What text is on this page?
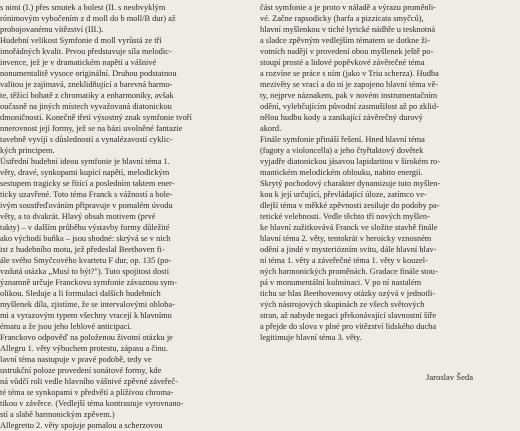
s nimi (I.) přes smutek a bolest (II. s neobvyklým
rónimovým vybočením z d moll do b moll/B dur) až
probojovanému vítězství (III.).
Hudební velikost Symfonie d moll vyrůstá ze tří
imořádných kvalit. Prvou představuje síla melodic-
invence, jež je v dramatickém napětí a vášnivé
nonumentalitě vysoce originální. Druhou podstatnou
valitou je zajímavá, zneklidňující a barevná harmo-
te, těžící bohatě z chromatiky a enharmoniky, avšak
oučasně na jiných místech vyvažovaná diatonickou
dmoničností. Konečně třetí výsostný znak symfonie tvoří
nnerovnost její formy, jež se na bázi uvolněné fantazie
tavebně vyvíjí s důsledností a vynalézavostí cyklic-
kých principem.
Ústřední hudební ideou symfonie je hlavní téma 1.
věty, dravé, synkopami kupící napětí, melodickým
sestupem tragicky se řítící a posledním taktem ener-
ticky uzavřené. Toto téma Franck s vážností a bole-
ivým soustřeďováním připravuje v pomalém úvodu
věty, a to dvakrát. Hlavý obsah motivem (prvé
takty) – v dalším průběhu výstavby formy důležité
ako východí buňka – jsou shodné: skrývá se v nich
ist z hudebního motu, jež předeslal Beethoven fi-
ále svého Smyčcového kvartetu F dur, op. 135 (po-
vzdutá otázka „Musí to být?"). Tuto spojitost dosti
ýznamně určuje Franckovu symfonie závaznou sym-
olikou. Sleduje a li formulaci dalších hudebních
myšlenek díla, zjistíme, že se intervalovými obloba-
mi a vyrazovým typem všechny vracejí k hlavnímu
ématu a že jsou jeho lehlové anticipaci.
Franckovo odpověď na položenou životní otázku je
Allegru 1. věty výbuchem protestu, zápasu a činu.
lavní téma nastupuje v pravé podobě, tedy ve
ustrukční poloze provedení sonátové formy, kde
ná vůdčí roli vedle hlavního vášnivé zpěvné záveřeč-
té téma se synkopami v předvětí a plížívou chroma-
tikou v závěrce. (Vedlejší téma kontrastuje vyrovnano-
stí a slabě harmonickým zpěvem.)
Allegretto 2. věty spojuje pomalou a scherzovou
část symfonie a je proto v náladě a výrazu proměnli-
vé. Začne rapsodicky (harfa a pizzicata smyčců),
hlavní myšlenkou v tiché lyrické nádhře u tesknotná
a sladce zpěvným vedlejším tématem se dotkne ži-
votních nadějí v provedení obou myšlenek ještě po-
stoupí prosté a lidové popěvkové závěrečné téma
a rozvíne se práce s ním (jako v Triu scherza). Hudba
mezivěty se vrací a do ní je zapojeno hlavní téma vě-
ty, nejprve náznakem, pak v novém instrumentačním
odění, vylehčujícím původní zasmušilost až po zklid-
nělou hudbu kody a zanikající závěrečný durový
akord.
Finále symfonie přináší řešení. Hned hlavní téma
(fagoty a violoncella) a jeho čtyřtaktový dovětek
vyjadře diatonickou jásavou lapidaritou v širokém ro-
mantickém melodickém oblouku, nabito energií.
Skrytý pochodový charakter dynamizuje tuto myšlen-
kou k její určující, převládající úloze, zatímco ve-
dlejší téma v měkké zpěvnosti zesiluje do podoby pa-
tetické velebnosti. Vedle těchto tří nových myšlen-
ke hlavní zužitkovává Franck ve složite stavbě finále
hlavní téma 2. věty, tentokrát v heroicky vznosném
odění a jindé v mysteriózním svitu, dále hlavní hlav-
ní téma 1. věty a záveřečné téma 1. věty v kouzel-
ných harmonických proměnách. Gradace finále stou-
pá v monumentální kulminaci. V po ní nastalém
tichu se hlas Beethovenovy otázky ozývá v jednotli-
vých nástrojových skupinách ze všech světových
stran, až nabyde negaci překonávající slavnostní šíře
a přejde do slova v plné pro vítězství lidského ducha
legitimuje hlavní téma 3. věty.
Jaroslav Šeda
